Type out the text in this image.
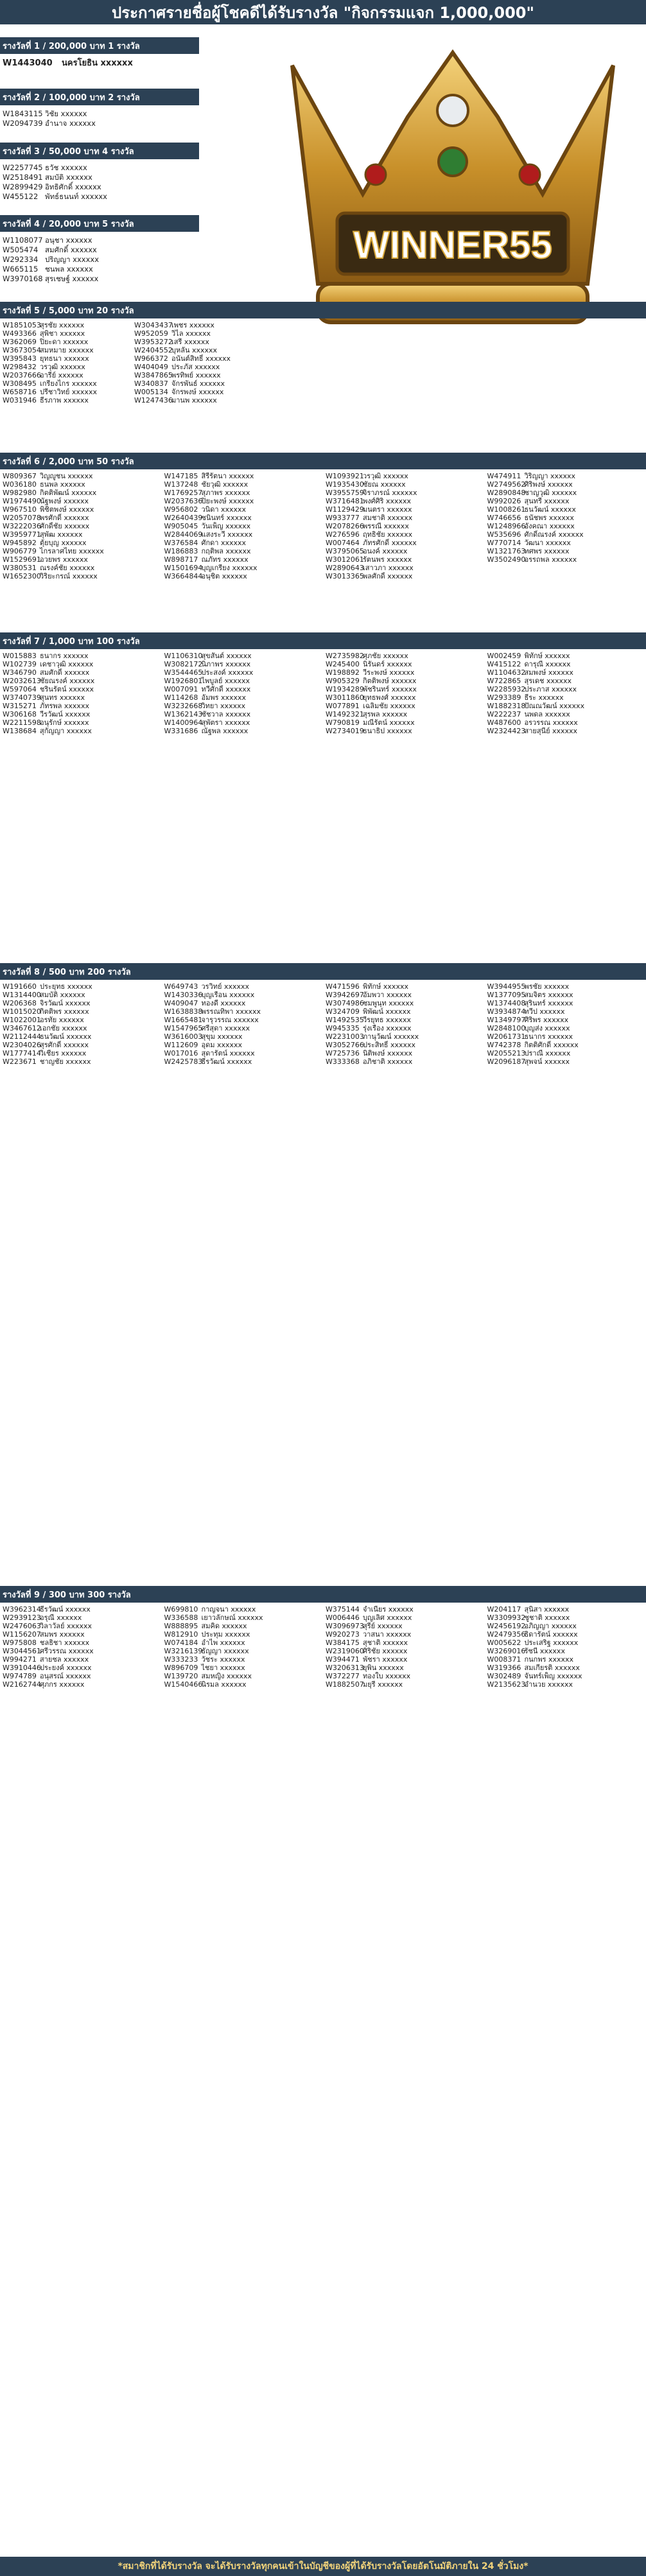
ประกาศรายชื่อผู้โชคดีได้รับรางวัล "กิจกรรมแจก 1,000,000"
WINNER55
รางวัลที่ 1 / 200,000 บาท 1 รางวัล
W1443040 นครโยธิน xxxxxx
รางวัลที่ 2 / 100,000 บาท 2 รางวัล
W1843115 วิชัย xxxxxx
W2094739 อำนาจ xxxxxx
รางวัลที่ 3 / 50,000 บาท 4 รางวัล
W2257745 ธวัช xxxxxx
W2518491 สมบัติ xxxxxx
W2899429 อิทธิศักดิ์ xxxxxx
W455122 พัทธ์ธนนท์ xxxxxx
รางวัลที่ 4 / 20,000 บาท 5 รางวัล
W1108077 อนุชา xxxxxx
W505474 สมศักดิ์ xxxxxx
W292334 ปริญญา xxxxxx
W665115 ชนพล xxxxxx
W3970168 สุรเชษฐ์ xxxxxx
รางวัลที่ 5 / 5,000 บาท 20 รางวัล
W1851053สุรชัย xxxxxx
W493366 สุพิชา xxxxxx
W362069 ปิยะดา xxxxxx
W3673054สมหมาย xxxxxx
W395843 ยุทธนา xxxxxx
W298432 วรวุฒิ xxxxxx
W2037666อารีย์ xxxxxx
W308495 เกรียงไกร xxxxxx
W658716 ปรีชาวิทย์ xxxxxx
W031946 ธีรภาพ xxxxxx
W3043437เพชร xxxxxx
W952059 วิไล xxxxxx
W3953272เสรี xxxxxx
W2404552บุหลัน xxxxxx
W966372 อนันต์สิทธิ์ xxxxxx
W404049 ประภัส xxxxxx
W3847865พรทิพย์ xxxxxx
W340837 จักรพันธ์ xxxxxx
W005134 จักรพงษ์ xxxxxx
W1247436มานพ xxxxxx
รางวัลที่ 6 / 2,000 บาท 50 รางวัล
W809367 วิญญูชน xxxxxx
W036180 ธนพล xxxxxx
W982980 กิตติพัฒน์ xxxxxx
W1974490นัฐพงษ์ xxxxxx
W967510 พิชิตพงษ์ xxxxxx
W2057078พรศักดิ์ xxxxxx
W3222036ศักดิ์ชัย xxxxxx
W3959771สุพัฒ xxxxxx
W945892 ตุ้ยบุญ xxxxxx
W906779 ไกรลาศไทย xxxxxx
W1529691อวยพร xxxxxx
W380531 ณรงค์ชัย xxxxxx
W1652300วิริยะกรณ์ xxxxxx
W147185 สิรีรัตนา xxxxxx
W137248 ชัยวุฒิ xxxxxx
W1769257สุภาพร xxxxxx
W2037636ปิยะพงษ์ xxxxxx
W956802 วนิดา xxxxxx
W2640439ชนินทร์ xxxxxx
W905045 วันเพ็ญ xxxxxx
W2844069แสงระวี xxxxxx
W376584 ศักดา xxxxxx
W186883 กฤติพล xxxxxx
W898717 ณภัทร xxxxxx
W1501694บุญเกรียง xxxxxx
W3664844อนุชิต xxxxxx
W1093921วรวุฒิ xxxxxx
W1935430ชัยณ xxxxxx
W3955759จิราภรณ์ xxxxxx
W3716481พงศ์ศิริ xxxxxx
W1129429มนตรา xxxxxx
W933777 สมชาติ xxxxxx
W2078266พรรณี xxxxxx
W276596 ฤทธิชัย xxxxxx
W007464 ภัทรศักดิ์ xxxxxx
W3795065อนงค์ xxxxxx
W3012061รัตนพร xxxxxx
W2890643เสาวภา xxxxxx
W3013365พลศักดิ์ xxxxxx
W474911 วิริญญา xxxxxx
W2749562ศิริพงษ์ xxxxxx
W2890848ชาญวุฒิ xxxxxx
W992026 สุนทรี xxxxxx
W1008261ธนวัฒน์ xxxxxx
W746656 ธนัชพร xxxxxx
W1248966อังคณา xxxxxx
W535696 ศักดิ์ณรงค์ xxxxxx
W770714 วัฒนา xxxxxx
W1321763ทศพร xxxxxx
W3502490อรรถพล xxxxxx
รางวัลที่ 7 / 1,000 บาท 100 รางวัล
W015883 ธนากร xxxxxx
W102739 เดชาวุฒิ xxxxxx
W346790 สมศักดิ์ xxxxxx
W2032613ชัยณรงค์ xxxxxx
W597064 ชรินรัตน์ xxxxxx
W3740739สุนทร xxxxxx
W315271 ภัทรพล xxxxxx
W306168 วีรวัฒน์ xxxxxx
W2211598อนุรักษ์ xxxxxx
W138684 สุกัญญา xxxxxx
W1106310สุขสันต์ xxxxxx
W3082172นิภาพร xxxxxx
W3544465ประสงค์ xxxxxx
W1926801ไพบูลย์ xxxxxx
W007091 ทวีศักดิ์ xxxxxx
W114268 อัมพร xxxxxx
W3232668วิทยา xxxxxx
W1362143ชัชวาล xxxxxx
W1400964สุพัตรา xxxxxx
W331686 ณัฐพล xxxxxx
W2735982ศุภชัย xxxxxx
W245400 นิรันดร์ xxxxxx
W198892 วีระพงษ์ xxxxxx
W905329 กิตติพงษ์ xxxxxx
W1934289พัชรินทร์ xxxxxx
W3011860ยุทธพงศ์ xxxxxx
W077891 เฉลิมชัย xxxxxx
W1492321สุรพล xxxxxx
W790819 มณีรัตน์ xxxxxx
W2734019ธนาธิป xxxxxx
W002459 พิทักษ์ xxxxxx
W415122 ดารุณี xxxxxx
W1104632สมพงษ์ xxxxxx
W722865 สุรเดช xxxxxx
W2285932ประภาส xxxxxx
W293389 ธีระ xxxxxx
W1882318ปัณณวัฒน์ xxxxxx
W222237 นพดล xxxxxx
W487600 อรวรรณ xxxxxx
W2324423สายสุนีย์ xxxxxx
รางวัลที่ 8 / 500 บาท 200 รางวัล
W191660 ประยุทธ xxxxxx
W1314400สมบัติ xxxxxx
W206368 จิรวัฒน์ xxxxxx
W1015020กิตติพร xxxxxx
W1022001อรทัย xxxxxx
W3467612เอกชัย xxxxxx
W2112444ธนวัฒน์ xxxxxx
W2304026สุรศักดิ์ xxxxxx
W1777414วิเชียร xxxxxx
W223671 ชาญชัย xxxxxx
W649743 วรวิทย์ xxxxxx
W1430336บุญเรือน xxxxxx
W409047 ทองดี xxxxxx
W1638838พรรณทิพา xxxxxx
W1665481จารุวรรณ xxxxxx
W1547965ศรีสุดา xxxxxx
W3616003สุขุม xxxxxx
W112609 อุดม xxxxxx
W017016 สุดารัตน์ xxxxxx
W2425783ธีรวัฒน์ xxxxxx
W471596 พิทักษ์ xxxxxx
W3942697อัมพวา xxxxxx
W3074986ชมพูนุท xxxxxx
W324709 พิพัฒน์ xxxxxx
W1492535วีรยุทธ xxxxxx
W945335 รุ่งเรือง xxxxxx
W2231003ภานุวัฒน์ xxxxxx
W3052766ประสิทธิ์ xxxxxx
W725736 นิติพงษ์ xxxxxx
W333368 อภิชาติ xxxxxx
W3944955พรชัย xxxxxx
W1377095สมจิตร xxxxxx
W1374408สุรินทร์ xxxxxx
W3934874ทวีป xxxxxx
W1349797ศิริพร xxxxxx
W2848100บุญส่ง xxxxxx
W2061731ธนากร xxxxxx
W742378 กิตติศักดิ์ xxxxxx
W2055213ปราณี xxxxxx
W2096187สุพจน์ xxxxxx
รางวัลที่ 9 / 300 บาท 300 รางวัล
W3962314ธีรวัฒน์ xxxxxx
W2939123อรุณี xxxxxx
W2476063วิลาวัลย์ xxxxxx
W1156207สมพร xxxxxx
W975808 ชลธิชา xxxxxx
W3044561ศรีวรรณ xxxxxx
W994271 สายชล xxxxxx
W3910446ประยงค์ xxxxxx
W974789 อนุสรณ์ xxxxxx
W2162744ศุภกร xxxxxx
W699810 กาญจนา xxxxxx
W336588 เยาวลักษณ์ xxxxxx
W888895 สมคิด xxxxxx
W812910 ประทุม xxxxxx
W074184 อำไพ xxxxxx
W3216139ธัญญา xxxxxx
W333233 วัชระ xxxxxx
W896709 ไชยา xxxxxx
W139720 สมหญิง xxxxxx
W1540466นิรมล xxxxxx
W375144 จำเนียร xxxxxx
W006446 บุญเลิศ xxxxxx
W3096973สุรีย์ xxxxxx
W920273 วาสนา xxxxxx
W384175 สุชาติ xxxxxx
W2319060ศิริชัย xxxxxx
W394471 พัชรา xxxxxx
W3206313ยุพิน xxxxxx
W372277 ทองใบ xxxxxx
W1882507มยุรี xxxxxx
W204117 สุนิสา xxxxxx
W3309932ชูชาติ xxxxxx
W2456192อภิญญา xxxxxx
W2479356ธิดารัตน์ xxxxxx
W005622 ประเสริฐ xxxxxx
W3269016รัชนี xxxxxx
W008371 กนกพร xxxxxx
W319366 สมเกียรติ xxxxxx
W302489 จันทร์เพ็ญ xxxxxx
W2135623อำนวย xxxxxx
*สมาชิกที่ได้รับรางวัล จะได้รับรางวัลทุกคนเข้าในบัญชีของผู้ที่ได้รับรางวัลโดยอัตโนมัติภายใน 24 ชั่วโมง*
